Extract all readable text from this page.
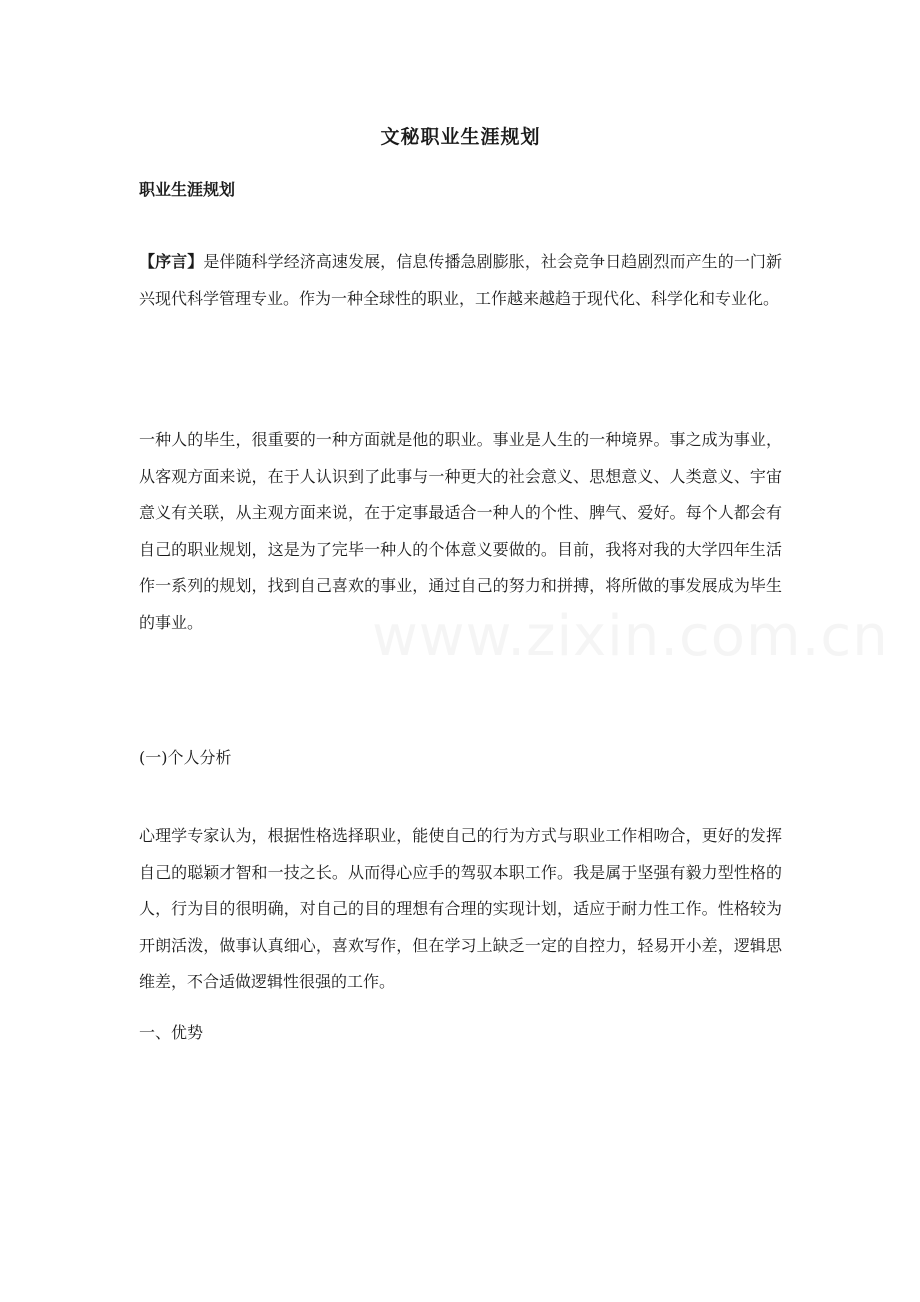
www.zixin.com.cn
文秘职业生涯规划
职业生涯规划

【序言】是伴随科学经济高速发展，信息传播急剧膨胀，社会竞争日趋剧烈而产生的一门新兴现代科学管理专业。作为一种全球性的职业，工作越来越趋于现代化、科学化和专业化。

一种人的毕生，很重要的一种方面就是他的职业。事业是人生的一种境界。事之成为事业，从客观方面来说，在于人认识到了此事与一种更大的社会意义、思想意义、人类意义、宇宙意义有关联，从主观方面来说，在于定事最适合一种人的个性、脾气、爱好。每个人都会有自己的职业规划，这是为了完毕一种人的个体意义要做的。目前，我将对我的大学四年生活作一系列的规划，找到自己喜欢的事业，通过自己的努力和拼搏，将所做的事发展成为毕生的事业。

(一)个人分析

心理学专家认为，根据性格选择职业，能使自己的行为方式与职业工作相吻合，更好的发挥自己的聪颖才智和一技之长。从而得心应手的驾驭本职工作。我是属于坚强有毅力型性格的人，行为目的很明确，对自己的目的理想有合理的实现计划，适应于耐力性工作。性格较为开朗活泼，做事认真细心，喜欢写作，但在学习上缺乏一定的自控力，轻易开小差，逻辑思维差，不合适做逻辑性很强的工作。

一、优势
